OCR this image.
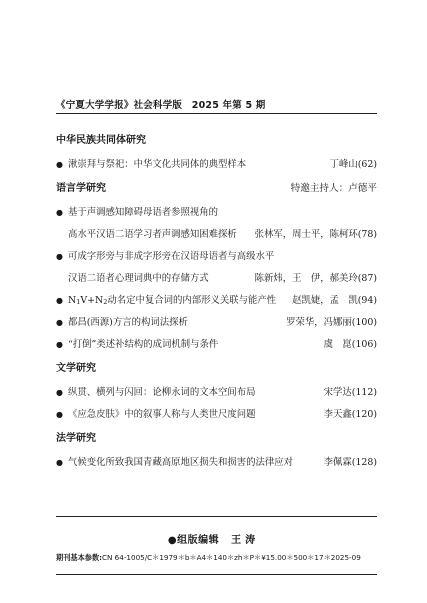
《宁夏大学学报》社会科学版　2025 年第 5 期
中华民族共同体研究
● 湫崇拜与祭祀：中华文化共同体的典型样本	丁峰山(62)
语言学研究	特邀主持人：卢德平
● 基于声调感知障碍母语者参照视角的
高水平汉语二语学习者声调感知困难探析 张林军，周士平，陈柯环(78)
● 可成字形旁与非成字形旁在汉语母语者与高级水平
汉语二语者心理词典中的存储方式	陈新炜，王　伊，郝美玲(87)
● N1V+N2 动名定中复合词的内部形义关联与能产性 赵凯婕，孟　凯(94)
● 都昌(西源)方言的构词法探析	罗荣华，冯娜丽(100)
● “打倒”类述补结构的成词机制与条件	虞　崑(106)
文学研究
● 纵贯、横列与闪回：论柳永词的文本空间布局	宋学达(112)
● 《应急皮肤》中的叙事人称与人类世尺度问题	李天鑫(120)
法学研究
● 气候变化所致我国青藏高原地区损失和损害的法律应对	李佩霖(128)
●组版编辑 王涛
期刊基本参数:CN 64-1005/C＊1979＊b＊A4＊140＊zh＊P＊¥15.00＊500＊17＊2025-09
